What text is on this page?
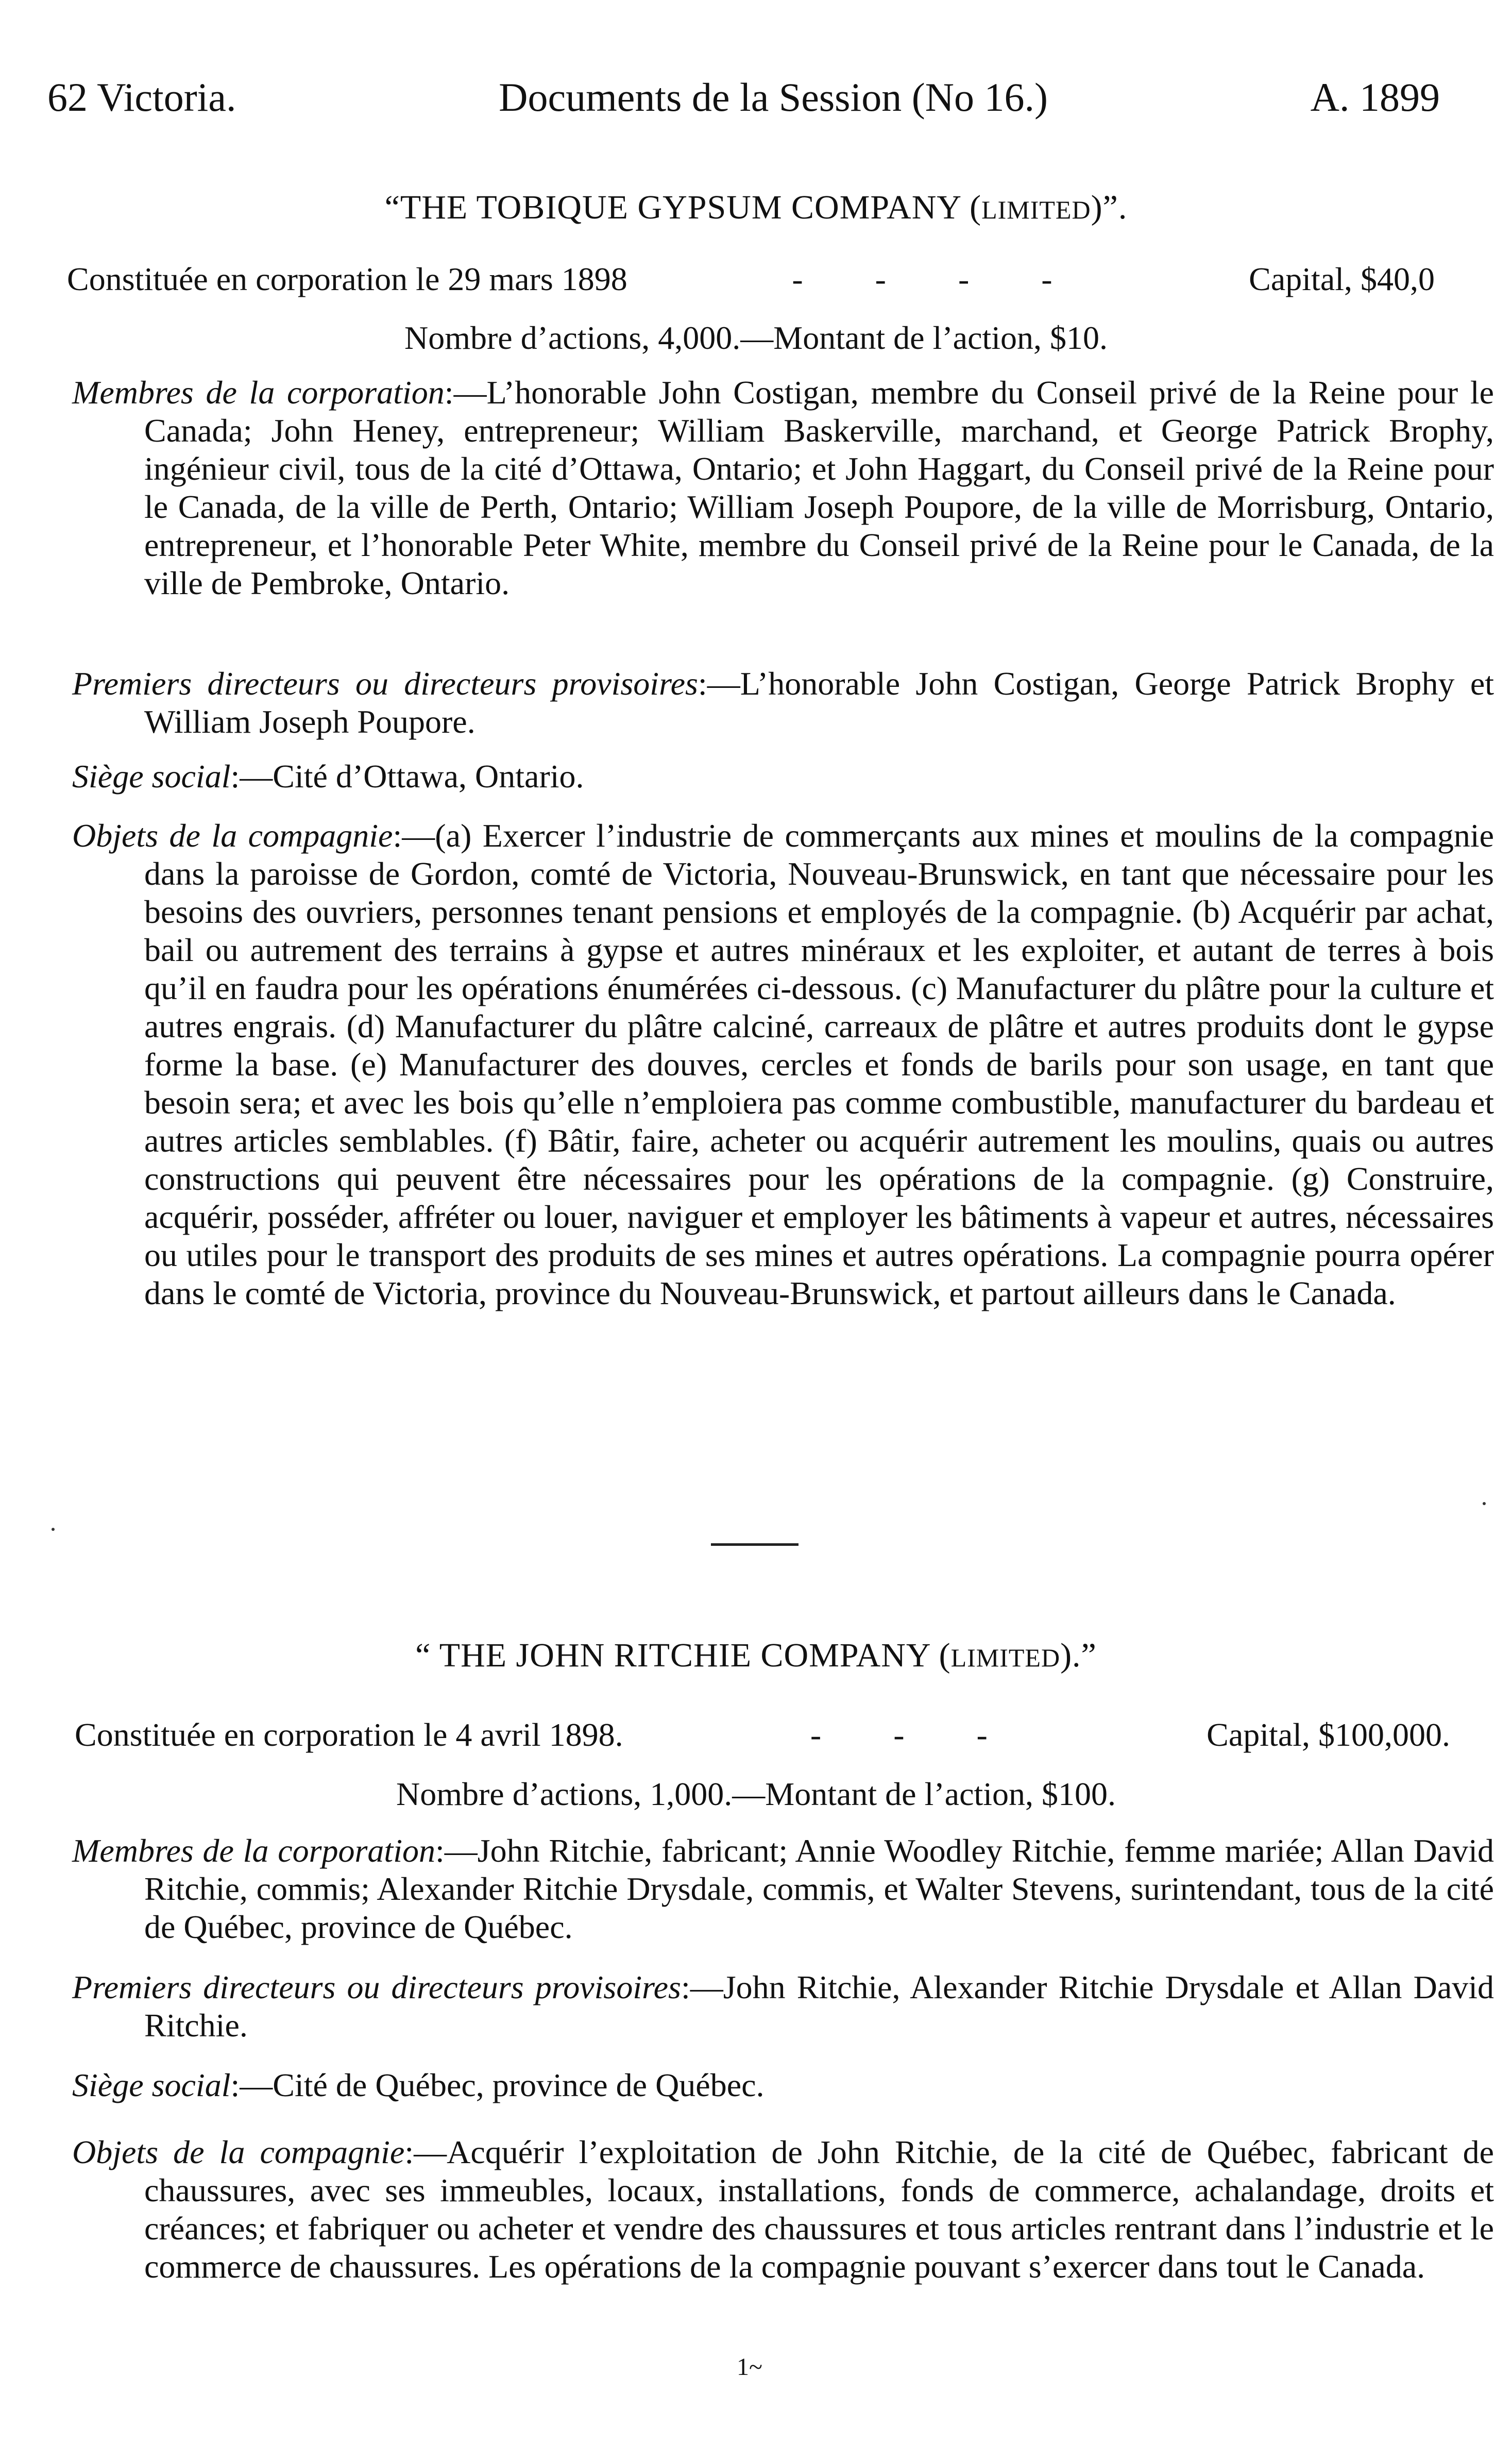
62 Victoria.	Documents de la Session (No 16.)	A. 1899
“THE TOBIQUE GYPSUM COMPANY (LIMITED)”.
Constituée en corporation le 29 mars 1898	- - - -	Capital, $40,0
Nombre d’actions, 4,000.—Montant de l’action, $10.
Membres de la corporation:—L’honorable John Costigan, membre du Conseil privé de la Reine pour le Canada; John Heney, entrepreneur; William Baskerville, marchand, et George Patrick Brophy, ingénieur civil, tous de la cité d’Ottawa, Ontario; et John Haggart, du Conseil privé de la Reine pour le Canada, de la ville de Perth, Ontario; William Joseph Poupore, de la ville de Morrisburg, Ontario, entrepreneur, et l’honorable Peter White, membre du Conseil privé de la Reine pour le Canada, de la ville de Pembroke, Ontario.
Premiers directeurs ou directeurs provisoires:—L’honorable John Costigan, George Patrick Brophy et William Joseph Poupore.
Siège social:—Cité d’Ottawa, Ontario.
Objets de la compagnie:—(a) Exercer l’industrie de commerçants aux mines et moulins de la compagnie dans la paroisse de Gordon, comté de Victoria, Nouveau-Brunswick, en tant que nécessaire pour les besoins des ouvriers, personnes tenant pensions et employés de la compagnie. (b) Acquérir par achat, bail ou autrement des terrains à gypse et autres minéraux et les exploiter, et autant de terres à bois qu’il en faudra pour les opérations énumérées ci-dessous. (c) Manufacturer du plâtre pour la culture et autres engrais. (d) Manufacturer du plâtre calciné, carreaux de plâtre et autres produits dont le gypse forme la base. (e) Manufacturer des douves, cercles et fonds de barils pour son usage, en tant que besoin sera; et avec les bois qu’elle n’emploiera pas comme combustible, manufacturer du bardeau et autres articles semblables. (f) Bâtir, faire, acheter ou acquérir autrement les moulins, quais ou autres constructions qui peuvent être nécessaires pour les opérations de la compagnie. (g) Construire, acquérir, posséder, affréter ou louer, naviguer et employer les bâtiments à vapeur et autres, nécessaires ou utiles pour le transport des produits de ses mines et autres opérations. La compagnie pourra opérer dans le comté de Victoria, province du Nouveau-Brunswick, et partout ailleurs dans le Canada.
“ THE JOHN RITCHIE COMPANY (LIMITED).”
Constituée en corporation le 4 avril 1898.	- - -	Capital, $100,000.
Nombre d’actions, 1,000.—Montant de l’action, $100.
Membres de la corporation:—John Ritchie, fabricant; Annie Woodley Ritchie, femme mariée; Allan David Ritchie, commis; Alexander Ritchie Drysdale, commis, et Walter Stevens, surintendant, tous de la cité de Québec, province de Québec.
Premiers directeurs ou directeurs provisoires:—John Ritchie, Alexander Ritchie Drysdale et Allan David Ritchie.
Siège social:—Cité de Québec, province de Québec.
Objets de la compagnie:—Acquérir l’exploitation de John Ritchie, de la cité de Québec, fabricant de chaussures, avec ses immeubles, locaux, installations, fonds de commerce, achalandage, droits et créances; et fabriquer ou acheter et vendre des chaussures et tous articles rentrant dans l’industrie et le commerce de chaussures. Les opérations de la compagnie pouvant s’exercer dans tout le Canada.
1~
